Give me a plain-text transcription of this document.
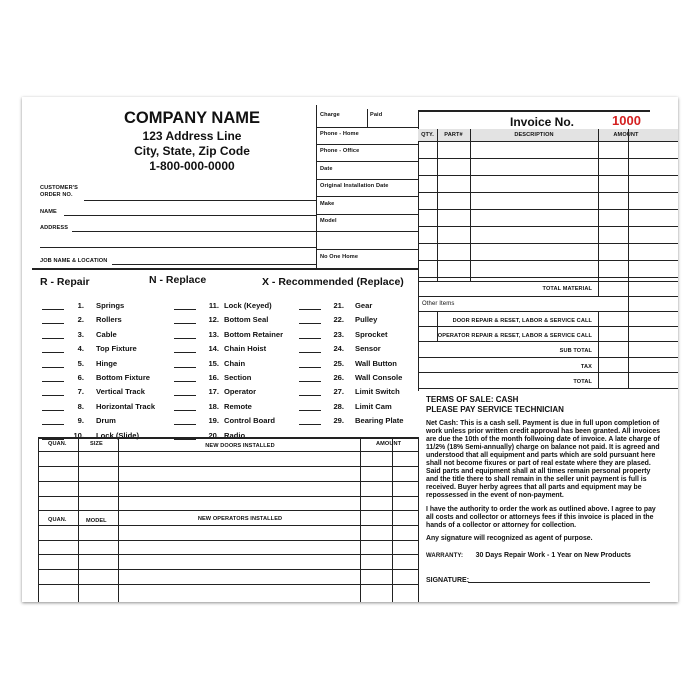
COMPANY NAME
123 Address Line
City, State, Zip Code
1-800-000-0000
CUSTOMER'S ORDER NO.
NAME
ADDRESS
JOB NAME & LOCATION
Charge	Paid
Phone - Home
Phone - Office
Date
Original Installation Date
Make
Model
No One Home
R - Repair	N - Replace	X - Recommended (Replace)
1. Springs
2. Rollers
3. Cable
4. Top Fixture
5. Hinge
6. Bottom Fixture
7. Vertical Track
8. Horizontal Track
9. Drum
10. Lock (Slide)
11. Lock (Keyed)
12. Bottom Seal
13. Bottom Retainer
14. Chain Hoist
15. Chain
16. Section
17. Operator
18. Remote
19. Control Board
20. Radio
21. Gear
22. Pulley
23. Sprocket
24. Sensor
25. Wall Button
26. Wall Console
27. Limit Switch
28. Limit Cam
29. Bearing Plate
QUAN.	SIZE	NEW DOORS INSTALLED	AMOUNT
QUAN.	MODEL	NEW OPERATORS INSTALLED
Invoice No.	1000
QTY.	PART#	DESCRIPTION	AMOUNT
TOTAL MATERIAL
Other Items
DOOR REPAIR & RESET, LABOR & SERVICE CALL
OPERATOR REPAIR & RESET, LABOR & SERVICE CALL
SUB TOTAL
TAX
TOTAL
TERMS OF SALE: CASH
PLEASE PAY SERVICE TECHNICIAN
Net Cash: This is a cash sell. Payment is due in full upon completion of work unless prior written credit approval has been granted. All invoices are due the 10th of the month follwoing date of invoice. A late charge of 11/2% (18% Semi-annually) charge on balance not paid. It is agreed and understood that all equipment and parts which are sold pursuant here shall not become fixures or part of real estate where they are plased. Said parts and equipment shall at all times remain personal property and the title there to shall remain in the seller unit payment is full is received. Buyer herby agrees that all parts and equipment may be repossessed in the event of non-payment.
I have the authority to order the work as outlined above. I agree to pay all costs and collector or attorneys fees if this invoice is placed in the hands of a collector or attorney for collection.
Any signature will recognized as agent of purpose.
WARRANTY: 30 Days Repair Work - 1 Year on New Products
SIGNATURE:
